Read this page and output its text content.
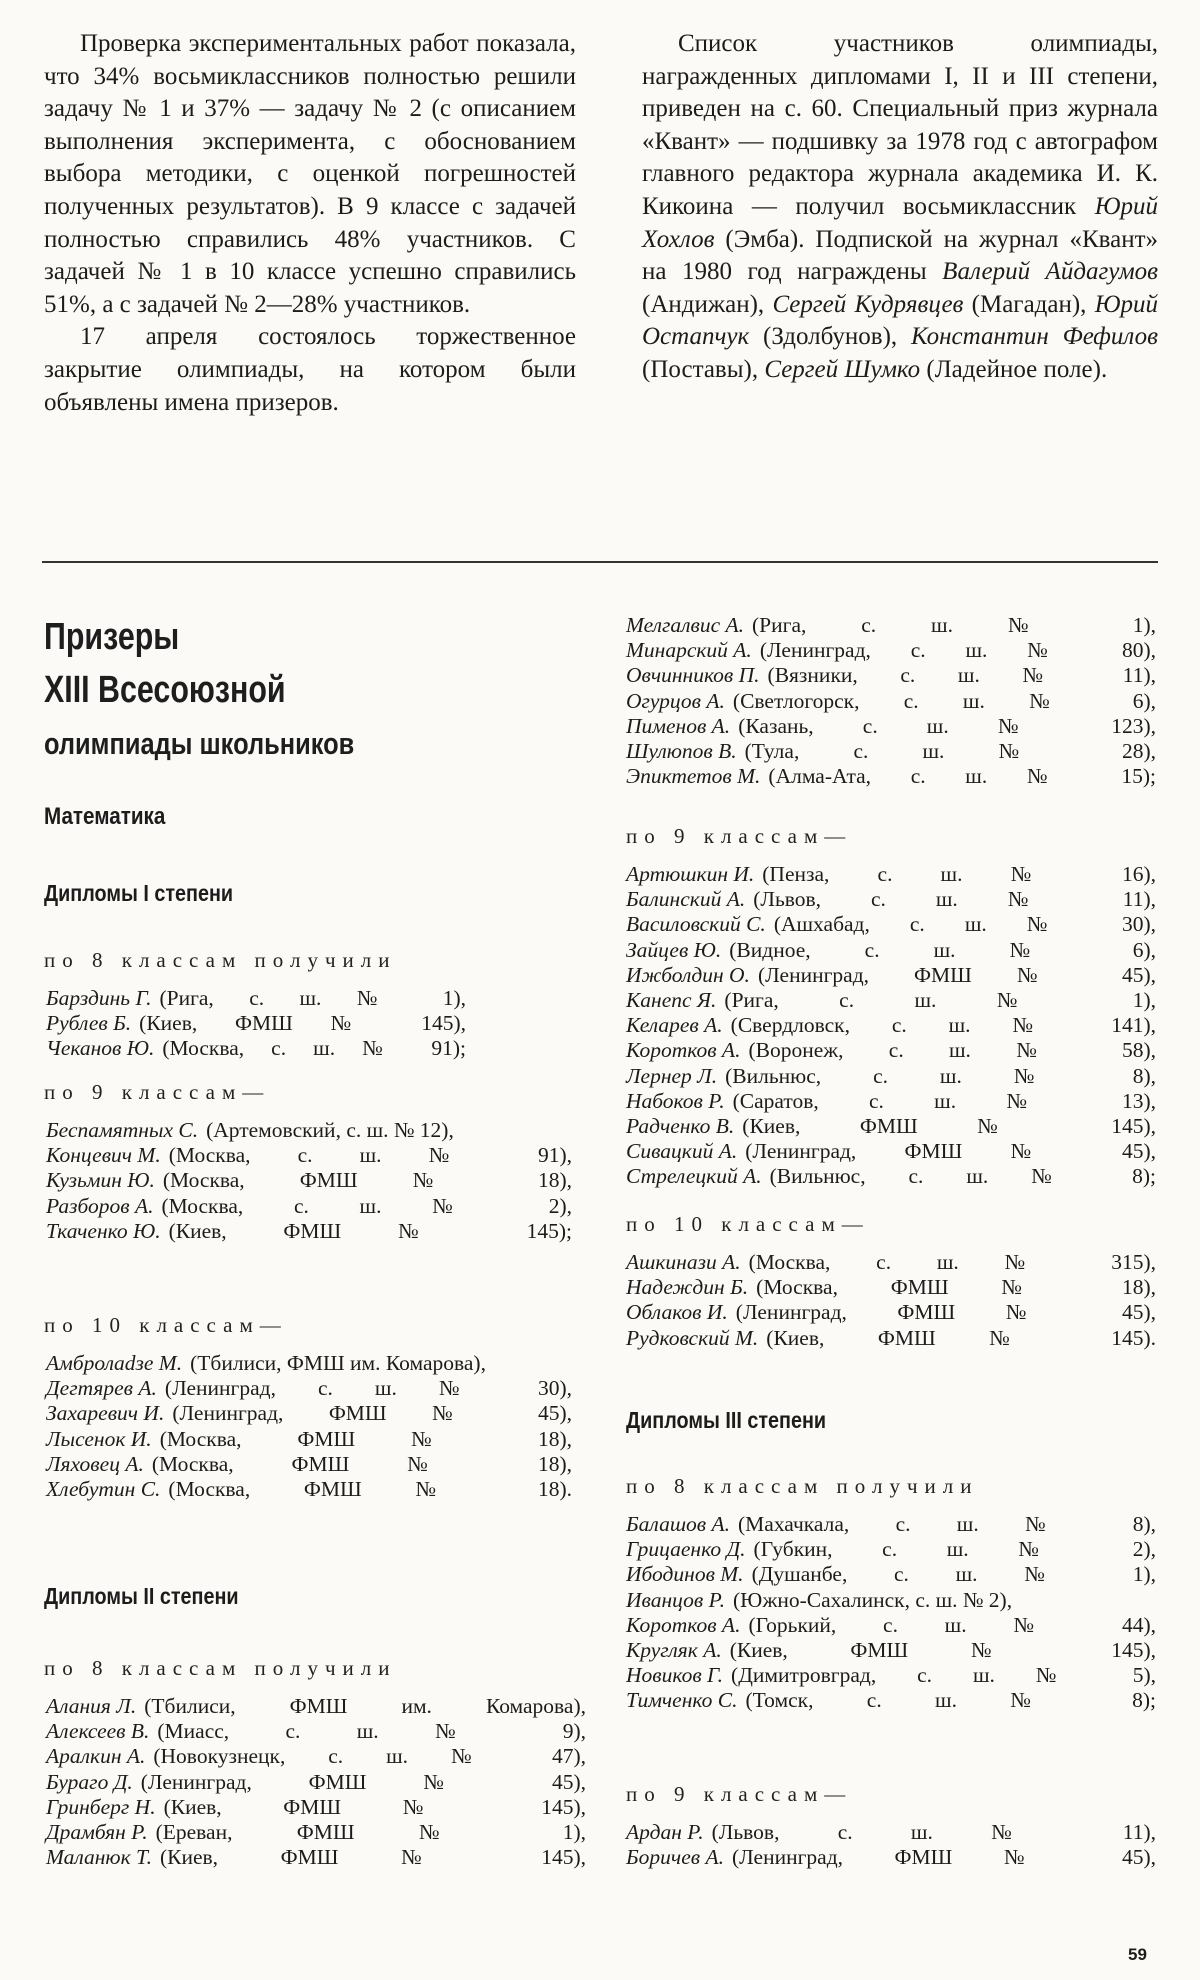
Проверка экспериментальных работ показала, что 34% восьмиклассников полностью решили задачу № 1 и 37% — задачу № 2 (с описанием выполнения эксперимента, с обоснованием выбора методики, с оценкой погрешностей полученных результатов). В 9 классе с задачей полностью справились 48% участников. С задачей № 1 в 10 классе успешно справились 51%, а с задачей № 2—28% участников.

17 апреля состоялось торжественное закрытие олимпиады, на котором были объявлены имена призеров.

Список участников олимпиады, награжденных дипломами I, II и III степени, приведен на с. 60. Специальный приз журнала «Квант» — подшивку за 1978 год с автографом главного редактора журнала академика И. К. Кикоина — получил восьмиклассник Юрий Хохлов (Эмба). Подпиской на журнал «Квант» на 1980 год награждены Валерий Айдагумов (Андижан), Сергей Кудрявцев (Магадан), Юрий Остапчук (Здолбунов), Константин Фефилов (Поставы), Сергей Шумко (Ладейное поле).

Призеры

XIII Всесоюзной

олимпиады школьников

Математика
Дипломы I степени
по 8 классам получили
Барздинь Г. (Рига, с. ш. № 1),
Рублев Б. (Киев, ФМШ № 145),
Чеканов Ю. (Москва, с. ш. № 91);
по 9 классам—
Беспамятных С. (Артемовский, с. ш. № 12),
Концевич М. (Москва, с. ш. № 91),
Кузьмин Ю. (Москва, ФМШ № 18),
Разборов А. (Москва, с. ш. № 2),
Ткаченко Ю. (Киев, ФМШ № 145);
по 10 классам—
Амбролadзе М. (Тбилиси, ФМШ им. Комарова),
Дегтярев А. (Ленинград, с. ш. № 30),
Захаревич И. (Ленинград, ФМШ № 45),
Лысенок И. (Москва, ФМШ № 18),
Ляховец А. (Москва, ФМШ № 18),
Хлебутин С. (Москва, ФМШ № 18).
Дипломы II степени
по 8 классам получили
Алания Л. (Тбилиси, ФМШ им. Комарова),
Алексеев В. (Миасс, с. ш. № 9),
Аралкин А. (Новокузнецк, с. ш. № 47),
Бураго Д. (Ленинград, ФМШ № 45),
Гринберг Н. (Киев, ФМШ № 145),
Драмбян Р. (Ереван, ФМШ № 1),
Маланюк Т. (Киев, ФМШ № 145),
Мелгалвис А. (Рига, с. ш. № 1),
Минарский А. (Ленинград, с. ш. № 80),
Овчинников П. (Вязники, с. ш. № 11),
Огурцов А. (Светлогорск, с. ш. № 6),
Пименов А. (Казань, с. ш. № 123),
Шулюпов В. (Тула, с. ш. № 28),
Эпиктетов М. (Алма-Ата, с. ш. № 15);
по 9 классам—
Артюшкин И. (Пенза, с. ш. № 16),
Балинский А. (Львов, с. ш. № 11),
Василовский С. (Ашхабад, с. ш. № 30),
Зайцев Ю. (Видное, с. ш. № 6),
Ижболдин О. (Ленинград, ФМШ № 45),
Канепс Я. (Рига, с. ш. № 1),
Келарев А. (Свердловск, с. ш. № 141),
Коротков А. (Воронеж, с. ш. № 58),
Лернер Л. (Вильнюс, с. ш. № 8),
Набоков Р. (Саратов, с. ш. № 13),
Радченко В. (Киев, ФМШ № 145),
Сивацкий А. (Ленинград, ФМШ № 45),
Стрелецкий А. (Вильнюс, с. ш. № 8);
по 10 классам—
Ашкинази А. (Москва, с. ш. № 315),
Надеждин Б. (Москва, ФМШ № 18),
Облаков И. (Ленинград, ФМШ № 45),
Рудковский М. (Киев, ФМШ № 145).
Дипломы III степени
по 8 классам получили
Балашов А. (Махачкала, с. ш. № 8),
Грицаенко Д. (Губкин, с. ш. № 2),
Ибодинов М. (Душанбе, с. ш. № 1),
Иванцов Р. (Южно-Сахалинск, с. ш. № 2),
Коротков А. (Горький, с. ш. № 44),
Кругляк А. (Киев, ФМШ № 145),
Новиков Г. (Димитровград, с. ш. № 5),
Тимченко С. (Томск, с. ш. № 8);
по 9 классам—
Ардан Р. (Львов, с. ш. № 11),
Боричев А. (Ленинград, ФМШ № 45),
59
